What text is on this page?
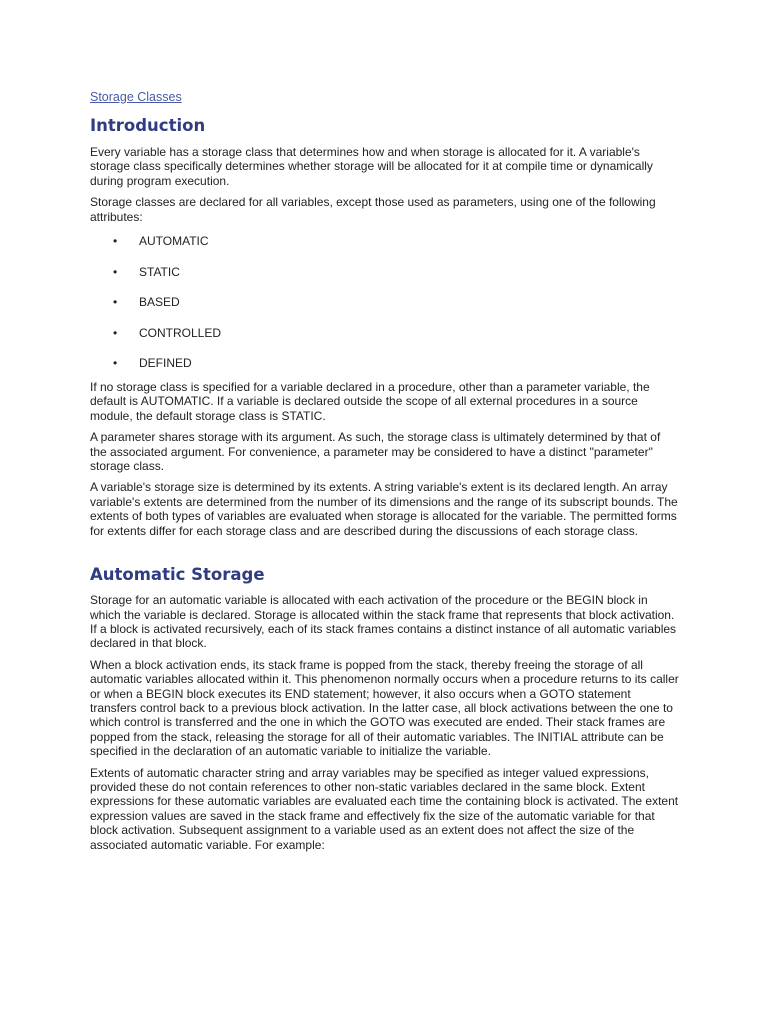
Storage Classes
Introduction

Every variable has a storage class that determines how and when storage is allocated for it. A variable's storage class specifically determines whether storage will be allocated for it at compile time or dynamically during program execution.

Storage classes are declared for all variables, except those used as parameters, using one of the following attributes:

• AUTOMATIC
• STATIC
• BASED
• CONTROLLED
• DEFINED

If no storage class is specified for a variable declared in a procedure, other than a parameter variable, the default is AUTOMATIC. If a variable is declared outside the scope of all external procedures in a source module, the default storage class is STATIC.

A parameter shares storage with its argument. As such, the storage class is ultimately determined by that of the associated argument. For convenience, a parameter may be considered to have a distinct "parameter" storage class.

A variable's storage size is determined by its extents. A string variable's extent is its declared length. An array variable's extents are determined from the number of its dimensions and the range of its subscript bounds. The extents of both types of variables are evaluated when storage is allocated for the variable. The permitted forms for extents differ for each storage class and are described during the discussions of each storage class.

Automatic Storage

Storage for an automatic variable is allocated with each activation of the procedure or the BEGIN block in which the variable is declared. Storage is allocated within the stack frame that represents that block activation. If a block is activated recursively, each of its stack frames contains a distinct instance of all automatic variables declared in that block.

When a block activation ends, its stack frame is popped from the stack, thereby freeing the storage of all automatic variables allocated within it. This phenomenon normally occurs when a procedure returns to its caller or when a BEGIN block executes its END statement; however, it also occurs when a GOTO statement transfers control back to a previous block activation. In the latter case, all block activations between the one to which control is transferred and the one in which the GOTO was executed are ended. Their stack frames are popped from the stack, releasing the storage for all of their automatic variables. The INITIAL attribute can be specified in the declaration of an automatic variable to initialize the variable.

Extents of automatic character string and array variables may be specified as integer valued expressions, provided these do not contain references to other non-static variables declared in the same block. Extent expressions for these automatic variables are evaluated each time the containing block is activated. The extent expression values are saved in the stack frame and effectively fix the size of the automatic variable for that block activation. Subsequent assignment to a variable used as an extent does not affect the size of the associated automatic variable. For example:
